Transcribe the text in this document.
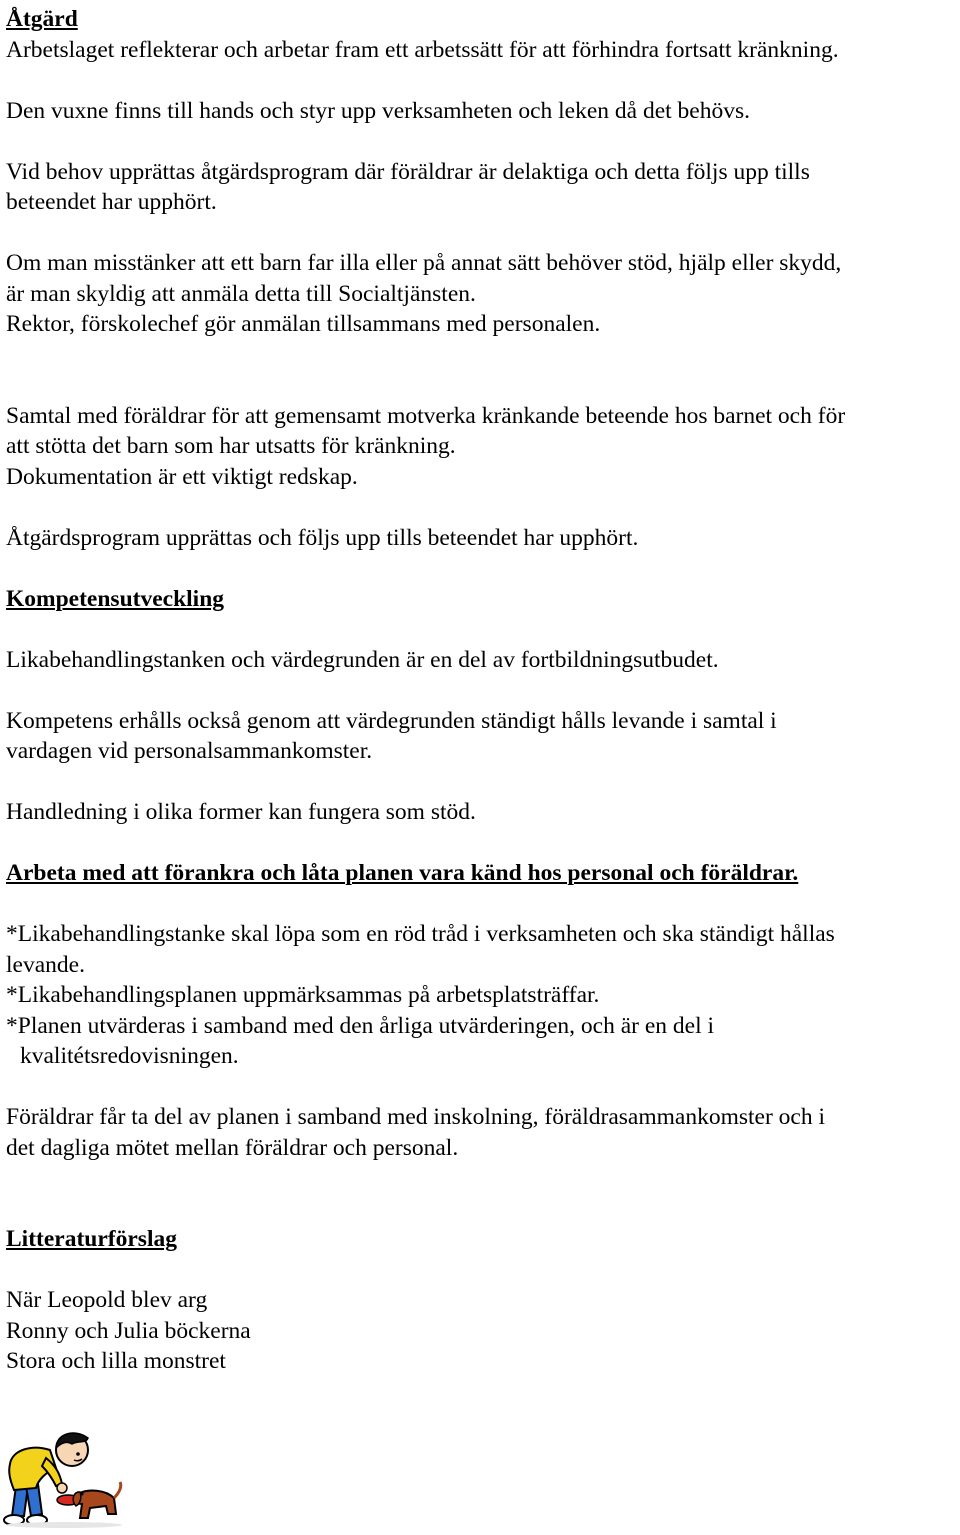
Åtgärd
Arbetslaget reflekterar och arbetar fram ett arbetssätt för att förhindra fortsatt kränkning.
Den vuxne finns till hands och styr upp verksamheten och leken då det behövs.
Vid behov upprättas åtgärdsprogram där föräldrar är delaktiga och detta följs upp tills
beteendet har upphört.
Om man misstänker att ett barn far illa eller på annat sätt behöver stöd, hjälp eller skydd,
är man skyldig att anmäla detta till Socialtjänsten.
Rektor, förskolechef gör anmälan tillsammans med personalen.
Samtal med föräldrar för att gemensamt motverka kränkande beteende hos barnet och för
att stötta det barn som har utsatts för kränkning.
Dokumentation är ett viktigt redskap.
Åtgärdsprogram upprättas och följs upp tills beteendet har upphört.
Kompetensutveckling
Likabehandlingstanken och värdegrunden är en del av fortbildningsutbudet.
Kompetens erhålls också genom att värdegrunden ständigt hålls levande i samtal i
vardagen vid personalsammankomster.
Handledning i olika former kan fungera som stöd.
Arbeta med att förankra och låta planen vara känd hos personal och föräldrar.
*Likabehandlingstanke skal löpa som en röd tråd i verksamheten och ska ständigt hållas
levande.
*Likabehandlingsplanen uppmärksammas på arbetsplatsträffar.
*Planen utvärderas i samband med den årliga utvärderingen, och är en del i
kvalitétsredovisningen.
Föräldrar får ta del av planen i samband med inskolning, föräldrasammankomster och i
det dagliga mötet mellan föräldrar och personal.
Litteraturförslag
När Leopold blev arg
Ronny och Julia böckerna
Stora och lilla monstret
